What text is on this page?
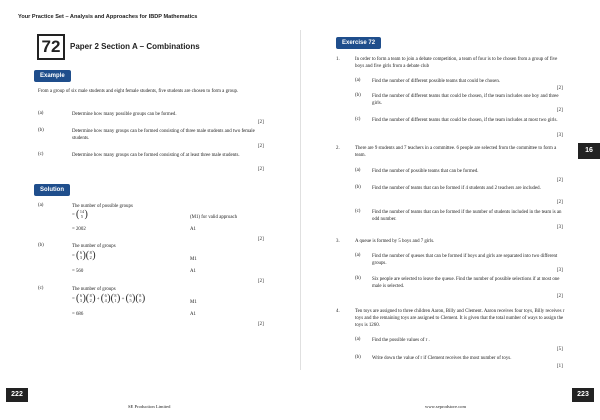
Your Practice Set – Analysis and Approaches for IBDP Mathematics
72	Paper 2 Section A – Combinations
Example
From a group of six male students and eight female students, five students are chosen to form a group.
(a)	Determine how many possible groups can be formed.
[2]
(b)	Determine how many groups can be formed consisting of three male students and two female students.
[2]
(c)	Determine how many groups can be formed consisting of at least three male students.
[2]
Solution
(a)	The number of possible groups
= ( 14
5 )	(M1) for valid approach
= 2002	A1
[2]
(b)	The number of groups
= ( 6
3 ) ( 8
2 )	M1
= 560	A1
[2]
(c)	The number of groups
= ( 6
3 ) ( 8
2 ) + ( 6
4 ) ( 8
1 ) + ( 6
5 ) ( 8
0 )	M1
= 686	A1
[2]
Exercise 72
1.	In order to form a team to join a debate competition, a team of four is to be chosen from a group of five boys and five girls from a debate club
(a) Find the number of different possible teams that could be chosen.
[2]
(b) Find the number of different teams that could be chosen, if the team includes one boy and three girls.
[2]
(c) Find the number of different teams that could be chosen, if the team includes at most two girls.
[3]
2.	There are 9 students and 7 teachers in a committee. 6 people are selected from the committee to form a team.
(a) Find the number of possible teams that can be formed.
[2]
(b) Find the number of teams that can be formed if 4 students and 2 teachers are included.
[2]
(c) Find the number of teams that can be formed if the number of students included in the team is an odd number.
[3]
3.	A queue is formed by 5 boys and 7 girls.
(a) Find the number of queues that can be formed if boys and girls are separated into two different groups.
[3]
(b) Six people are selected to leave the queue. Find the number of possible selections if at most one male is selected.
[2]
4.	Ten toys are assigned to three children Aaron, Billy and Clement. Aaron receives four toys, Billy receives r toys and the remaining toys are assigned to Clement. It is given that the total number of ways to assign the toys is 1260.
(a) Find the possible values of r .
[5]
(b) Write down the value of r if Clement receives the most number of toys.
[1]
16
222	223
SE Production Limited	www.seprodstore.com
